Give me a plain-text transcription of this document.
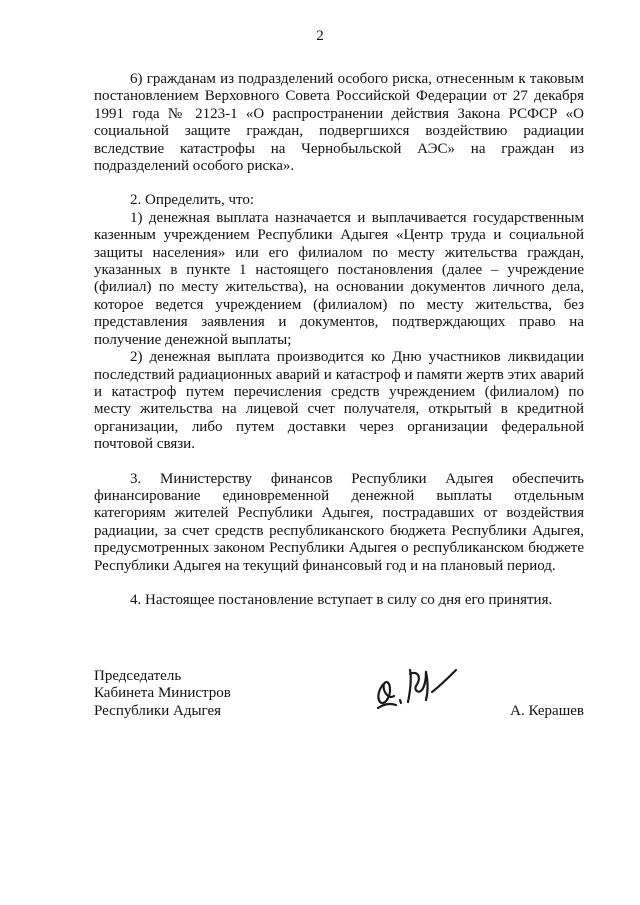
2

6) гражданам из подразделений особого риска, отнесенным к таковым постановлением Верховного Совета Российской Федерации от 27 декабря 1991 года № 2123-1 «О распространении действия Закона РСФСР «О социальной защите граждан, подвергшихся воздействию радиации вследствие катастрофы на Чернобыльской АЭС» на граждан из подразделений особого риска».

2. Определить, что:

1) денежная выплата назначается и выплачивается государственным казенным учреждением Республики Адыгея «Центр труда и социальной защиты населения» или его филиалом по месту жительства граждан, указанных в пункте 1 настоящего постановления (далее – учреждение (филиал) по месту жительства), на основании документов личного дела, которое ведется учреждением (филиалом) по месту жительства, без представления заявления и документов, подтверждающих право на получение денежной выплаты;

2) денежная выплата производится ко Дню участников ликвидации последствий радиационных аварий и катастроф и памяти жертв этих аварий и катастроф путем перечисления средств учреждением (филиалом) по месту жительства на лицевой счет получателя, открытый в кредитной организации, либо путем доставки через организации федеральной почтовой связи.

3. Министерству финансов Республики Адыгея обеспечить финансирование единовременной денежной выплаты отдельным категориям жителей Республики Адыгея, пострадавших от воздействия радиации, за счет средств республиканского бюджета Республики Адыгея, предусмотренных законом Республики Адыгея о республиканском бюджете Республики Адыгея на текущий финансовый год и на плановый период.

4. Настоящее постановление вступает в силу со дня его принятия.

Председатель
Кабинета Министров
Республики Адыгея	А. Керашев
